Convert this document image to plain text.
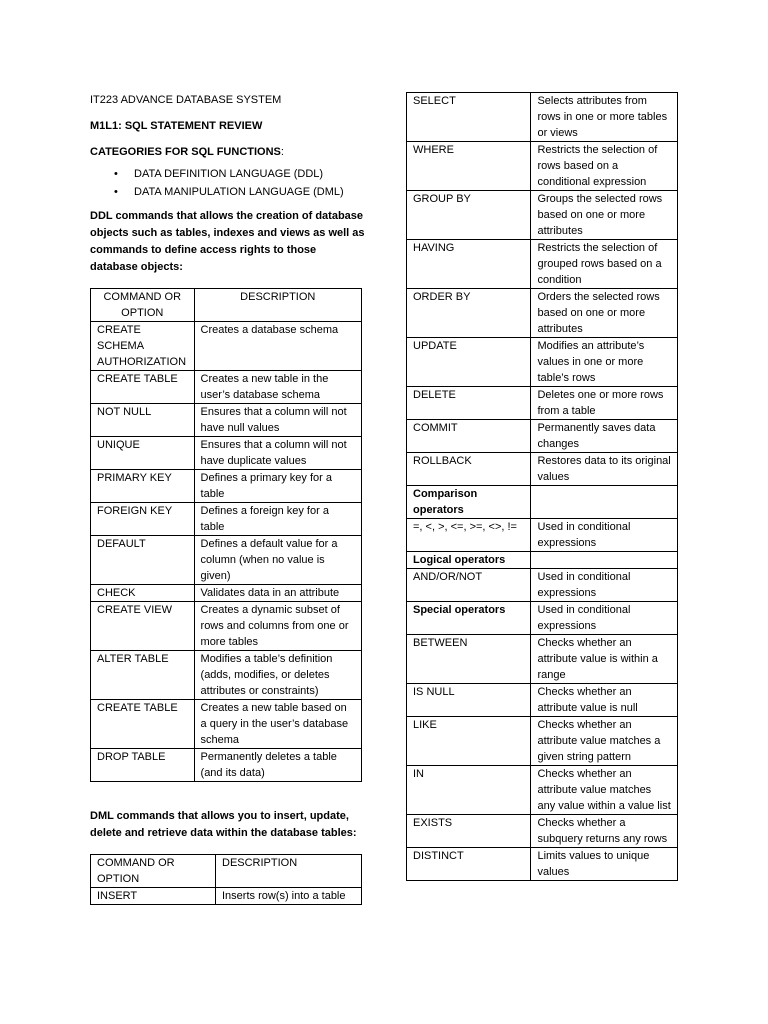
IT223 ADVANCE DATABASE SYSTEM
M1L1: SQL STATEMENT REVIEW
CATEGORIES FOR SQL FUNCTIONS:
• DATA DEFINITION LANGUAGE (DDL)
• DATA MANIPULATION LANGUAGE (DML)
DDL commands that allows the creation of database objects such as tables, indexes and views as well as commands to define access rights to those database objects:
COMMAND OR OPTION	DESCRIPTION
CREATE SCHEMA AUTHORIZATION	Creates a database schema
CREATE TABLE	Creates a new table in the user’s database schema
NOT NULL	Ensures that a column will not have null values
UNIQUE	Ensures that a column will not have duplicate values
PRIMARY KEY	Defines a primary key for a table
FOREIGN KEY	Defines a foreign key for a table
DEFAULT	Defines a default value for a column (when no value is given)
CHECK	Validates data in an attribute
CREATE VIEW	Creates a dynamic subset of rows and columns from one or more tables
ALTER TABLE	Modifies a table’s definition (adds, modifies, or deletes attributes or constraints)
CREATE TABLE	Creates a new table based on a query in the user’s database schema
DROP TABLE	Permanently deletes a table (and its data)
DML commands that allows you to insert, update, delete and retrieve data within the database tables:
COMMAND OR OPTION	DESCRIPTION
INSERT	Inserts row(s) into a table
SELECT	Selects attributes from rows in one or more tables or views
WHERE	Restricts the selection of rows based on a conditional expression
GROUP BY	Groups the selected rows based on one or more attributes
HAVING	Restricts the selection of grouped rows based on a condition
ORDER BY	Orders the selected rows based on one or more attributes
UPDATE	Modifies an attribute’s values in one or more table’s rows
DELETE	Deletes one or more rows from a table
COMMIT	Permanently saves data changes
ROLLBACK	Restores data to its original values
Comparison operators	
=, <, >, <=, >=, <>, !=	Used in conditional expressions
Logical operators	
AND/OR/NOT	Used in conditional expressions
Special operators	Used in conditional expressions
BETWEEN	Checks whether an attribute value is within a range
IS NULL	Checks whether an attribute value is null
LIKE	Checks whether an attribute value matches a given string pattern
IN	Checks whether an attribute value matches any value within a value list
EXISTS	Checks whether a subquery returns any rows
DISTINCT	Limits values to unique values
